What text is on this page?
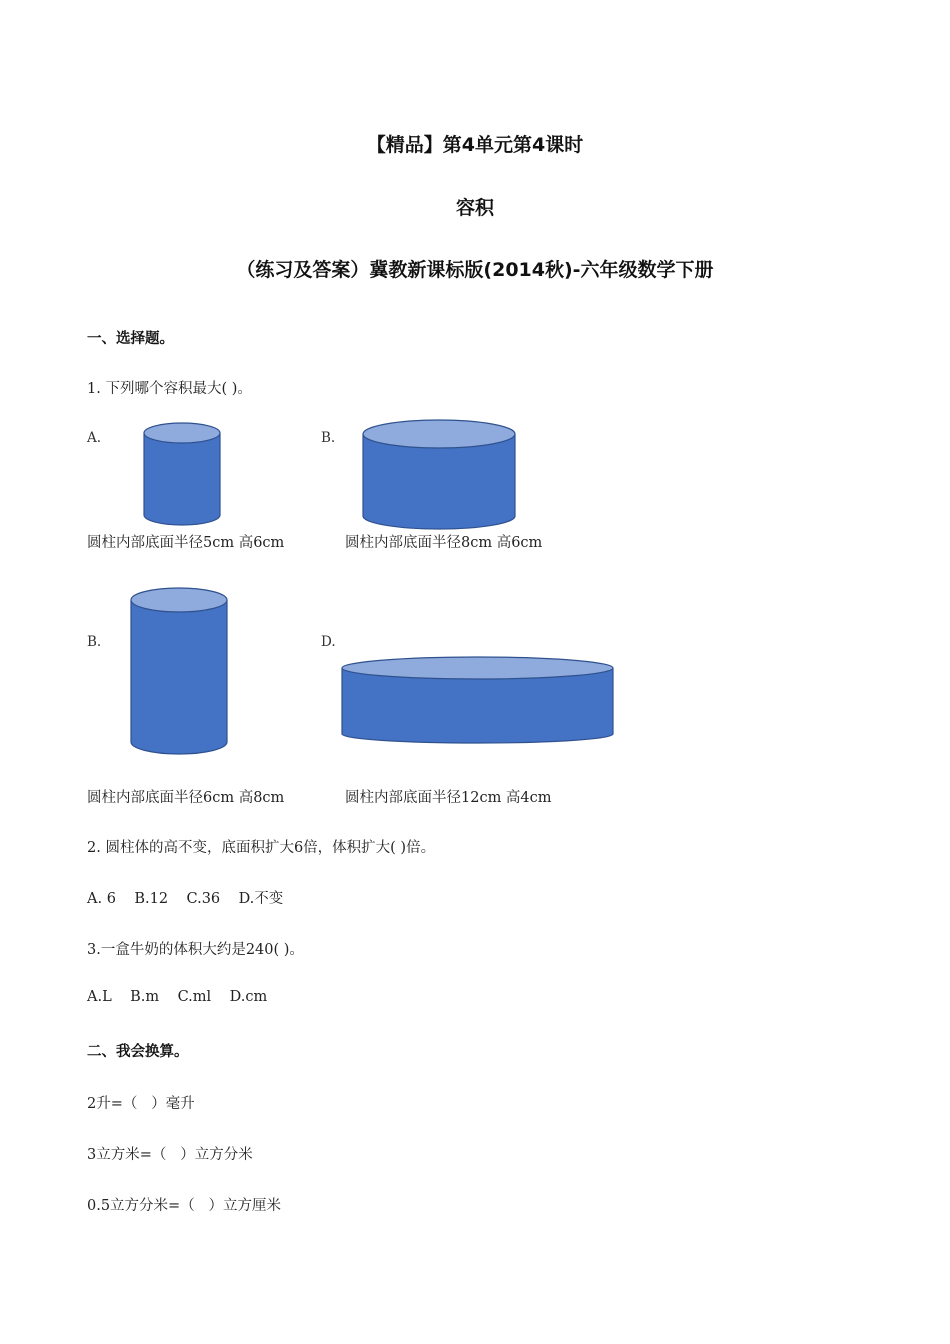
【精品】第4单元第4课时
容积
（练习及答案）冀教新课标版(2014秋)-六年级数学下册
一、选择题。
1. 下列哪个容积最大( )。
A.
圆柱内部底面半径5cm 高6cm
B.
圆柱内部底面半径8cm 高6cm
B.
圆柱内部底面半径6cm 高8cm
D.
圆柱内部底面半径12cm 高4cm
2. 圆柱体的高不变，底面积扩大6倍，体积扩大( )倍。
A. 6    B.12    C.36    D.不变
3.一盒牛奶的体积大约是240( )。
A.L    B.m    C.ml    D.cm
二、我会换算。
2升=（   ）毫升
3立方米=（   ）立方分米
0.5立方分米=（   ）立方厘米
